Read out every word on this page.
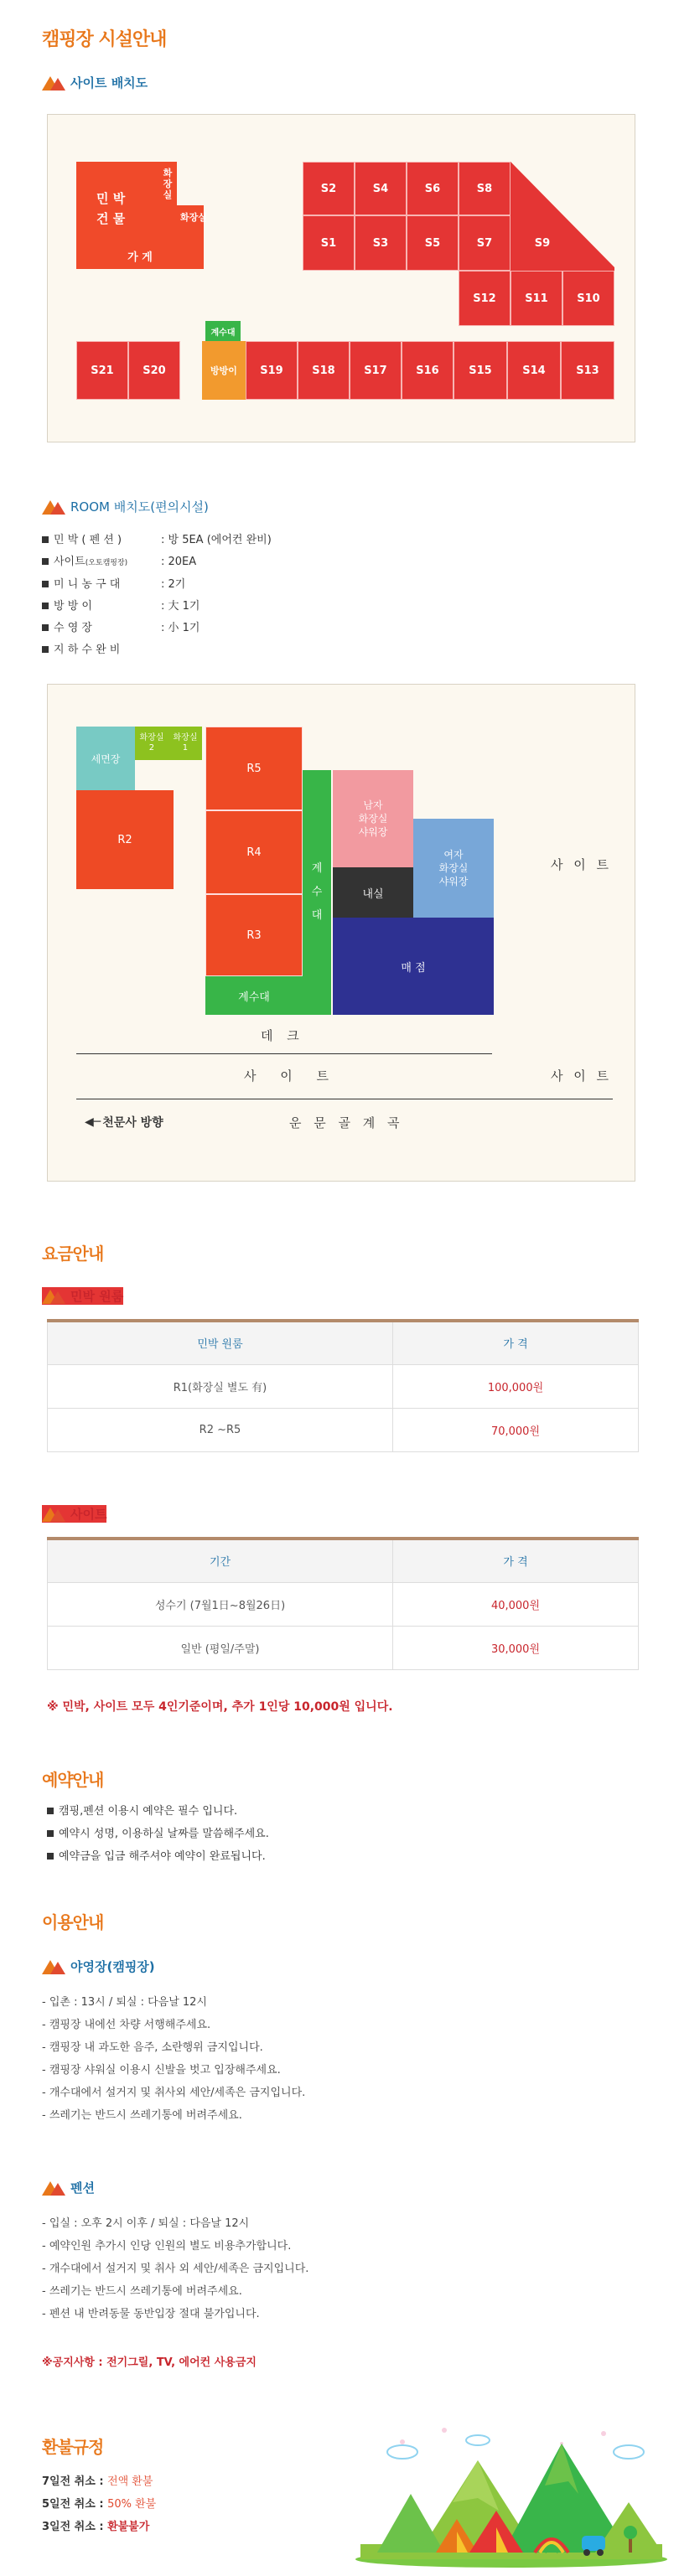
캠핑장 시설안내
사이트 배치도
가 게
민 박
건 물
화
장
실
화장실
S2	S4	S6	S8
S1	S3	S5	S7	S9
S12	S11	S10
S21	S20
계수대
방방이	S19	S18	S17	S16	S15	S14	S13
ROOM 배치도(편의시설)
민 박 ( 펜 션 )	: 방 5EA (에어컨 완비)
사이트(오토캠핑장)	: 20EA
미 니 농 구 대	: 2기
방 방 이	: 大 1기
수 영 장	: 小 1기
지 하 수 완 비
세면장
화장실
2
화장실
1
R2
R5
R4
R3
계수대
계
수
대
남자
화장실
샤워장
내실
여자
화장실
샤워장
매 점
사 이 트
데 크
사 이 트	사 이 트
◀─ 천문사 방향	운 문 골 계 곡
요금안내
민박 원룸
민박 원룸	가 격
R1(화장실 별도 有)	100,000원
R2 ~R5	70,000원
사이트
기간	가 격
성수기 (7월1日~8월26日)	40,000원
일반 (평일/주말)	30,000원
※ 민박, 사이트 모두 4인기준이며, 추가 1인당 10,000원 입니다.
예약안내
캠핑,펜션 이용시 예약은 필수 입니다.
예약시 성명, 이용하실 날짜를 말씀해주세요.
예약금을 입금 해주셔야 예약이 완료됩니다.
이용안내
야영장(캠핑장)
- 입촌 : 13시 / 퇴실 : 다음날 12시
- 캠핑장 내에선 차량 서행해주세요.
- 캠핑장 내 과도한 음주, 소란행위 금지입니다.
- 캠핑장 샤워실 이용시 신발을 벗고 입장해주세요.
- 개수대에서 설거지 및 취사외 세안/세족은 금지입니다.
- 쓰레기는 반드시 쓰레기통에 버려주세요.
펜션
- 입실 : 오후 2시 이후 / 퇴실 : 다음날 12시
- 예약인원 추가시 인당 인원의 별도 비용추가합니다.
- 개수대에서 설거지 및 취사 외 세안/세족은 금지입니다.
- 쓰레기는 반드시 쓰레기통에 버려주세요.
- 펜션 내 반려동물 동반입장 절대 불가입니다.
※공지사항 : 전기그릴, TV, 에어컨 사용금지
환불규정
7일전 취소 : 전액 환불
5일전 취소 : 50% 환불
3일전 취소 : 환불불가
